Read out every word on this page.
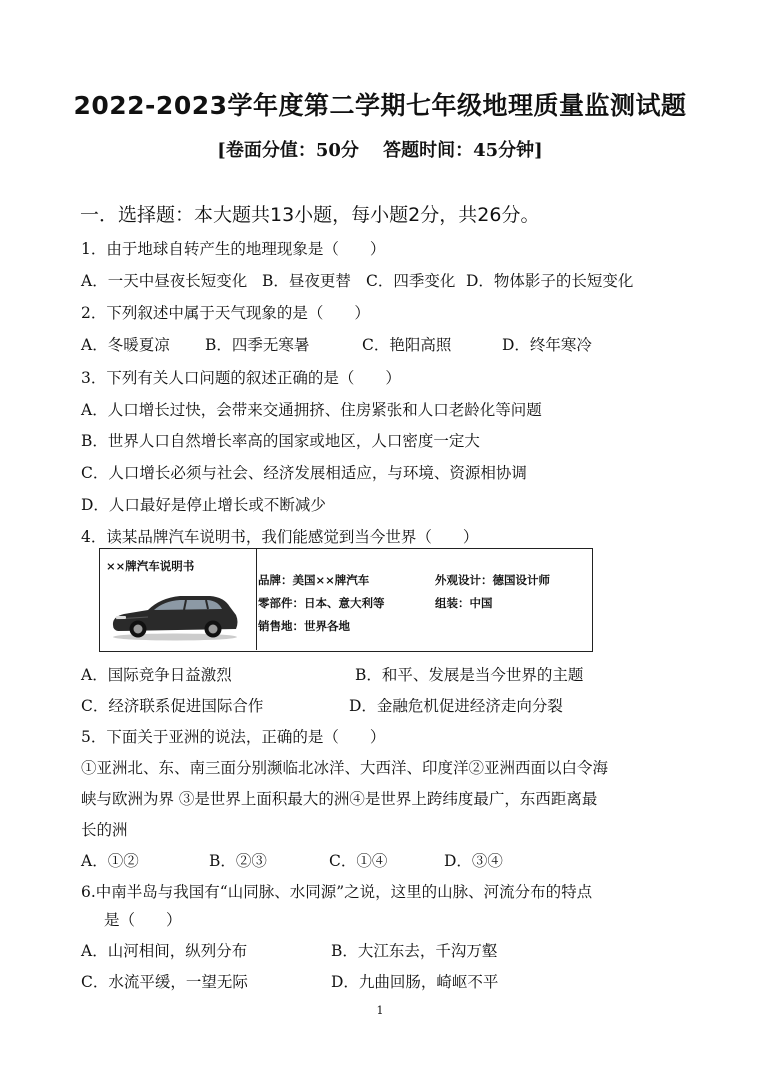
2022-2023学年度第二学期七年级地理质量监测试题
[卷面分值：50分　 答题时间：45分钟]
一．选择题：本大题共13小题，每小题2分，共26分。
1．由于地球自转产生的地理现象是（　　）
A．一天中昼夜长短变化 B．昼夜更替 C．四季变化 D．物体影子的长短变化
2．下列叙述中属于天气现象的是（　　）
A．冬暖夏凉 B．四季无寒暑	C．艳阳高照	D．终年寒冷
3．下列有关人口问题的叙述正确的是（　　）
A．人口增长过快，会带来交通拥挤、住房紧张和人口老龄化等问题
B．世界人口自然增长率高的国家或地区，人口密度一定大
C．人口增长必须与社会、经济发展相适应，与环境、资源相协调
D．人口最好是停止增长或不断减少
4．读某品牌汽车说明书，我们能感觉到当今世界（　　）
××牌汽车说明书
品牌：美国××牌汽车	外观设计：德国设计师
零部件：日本、意大利等	组装：中国
销售地：世界各地
A．国际竞争日益激烈	B．和平、发展是当今世界的主题
C．经济联系促进国际合作	D．金融危机促进经济走向分裂
5．下面关于亚洲的说法，正确的是（　　）
①亚洲北、东、南三面分别濒临北冰洋、大西洋、印度洋②亚洲西面以白令海
峡与欧洲为界 ③是世界上面积最大的洲④是世界上跨纬度最广，东西距离最
长的洲
A．①②	B．②③	C．①④	D．③④
6.中南半岛与我国有“山同脉、水同源”之说，这里的山脉、河流分布的特点
是（　　）
A．山河相间，纵列分布	B．大江东去，千沟万壑
C．水流平缓，一望无际	D．九曲回肠，崎岖不平
1
